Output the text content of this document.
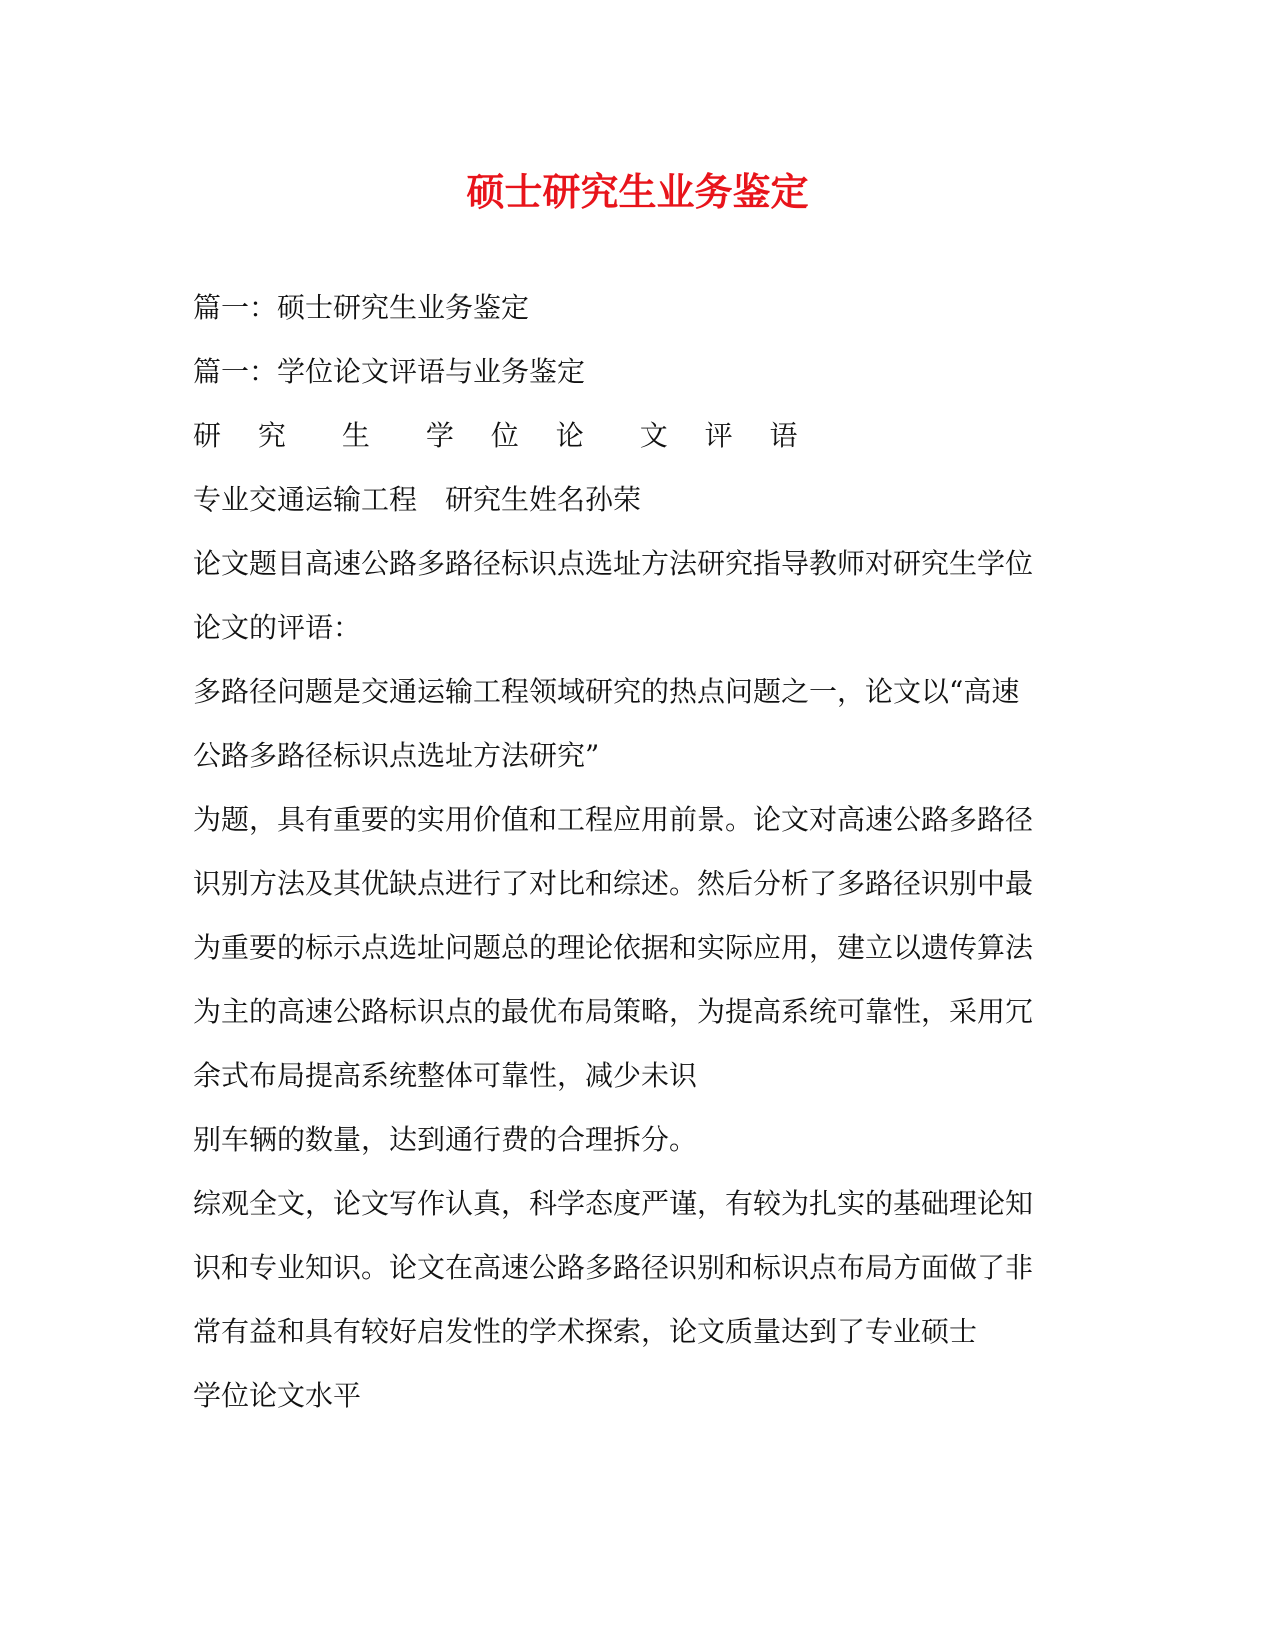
硕士研究生业务鉴定
篇一：硕士研究生业务鉴定
篇一：学位论文评语与业务鉴定
研 究　生　学 位 论　文 评 语
专业交通运输工程　研究生姓名孙荣
论文题目高速公路多路径标识点选址方法研究指导教师对研究生学位
论文的评语：
多路径问题是交通运输工程领域研究的热点问题之一，论文以“高速
公路多路径标识点选址方法研究”
为题，具有重要的实用价值和工程应用前景。论文对高速公路多路径
识别方法及其优缺点进行了对比和综述。然后分析了多路径识别中最
为重要的标示点选址问题总的理论依据和实际应用，建立以遗传算法
为主的高速公路标识点的最优布局策略，为提高系统可靠性，采用冗
余式布局提高系统整体可靠性，减少未识
别车辆的数量，达到通行费的合理拆分。
综观全文，论文写作认真，科学态度严谨，有较为扎实的基础理论知
识和专业知识。论文在高速公路多路径识别和标识点布局方面做了非
常有益和具有较好启发性的学术探索，论文质量达到了专业硕士
学位论文水平
